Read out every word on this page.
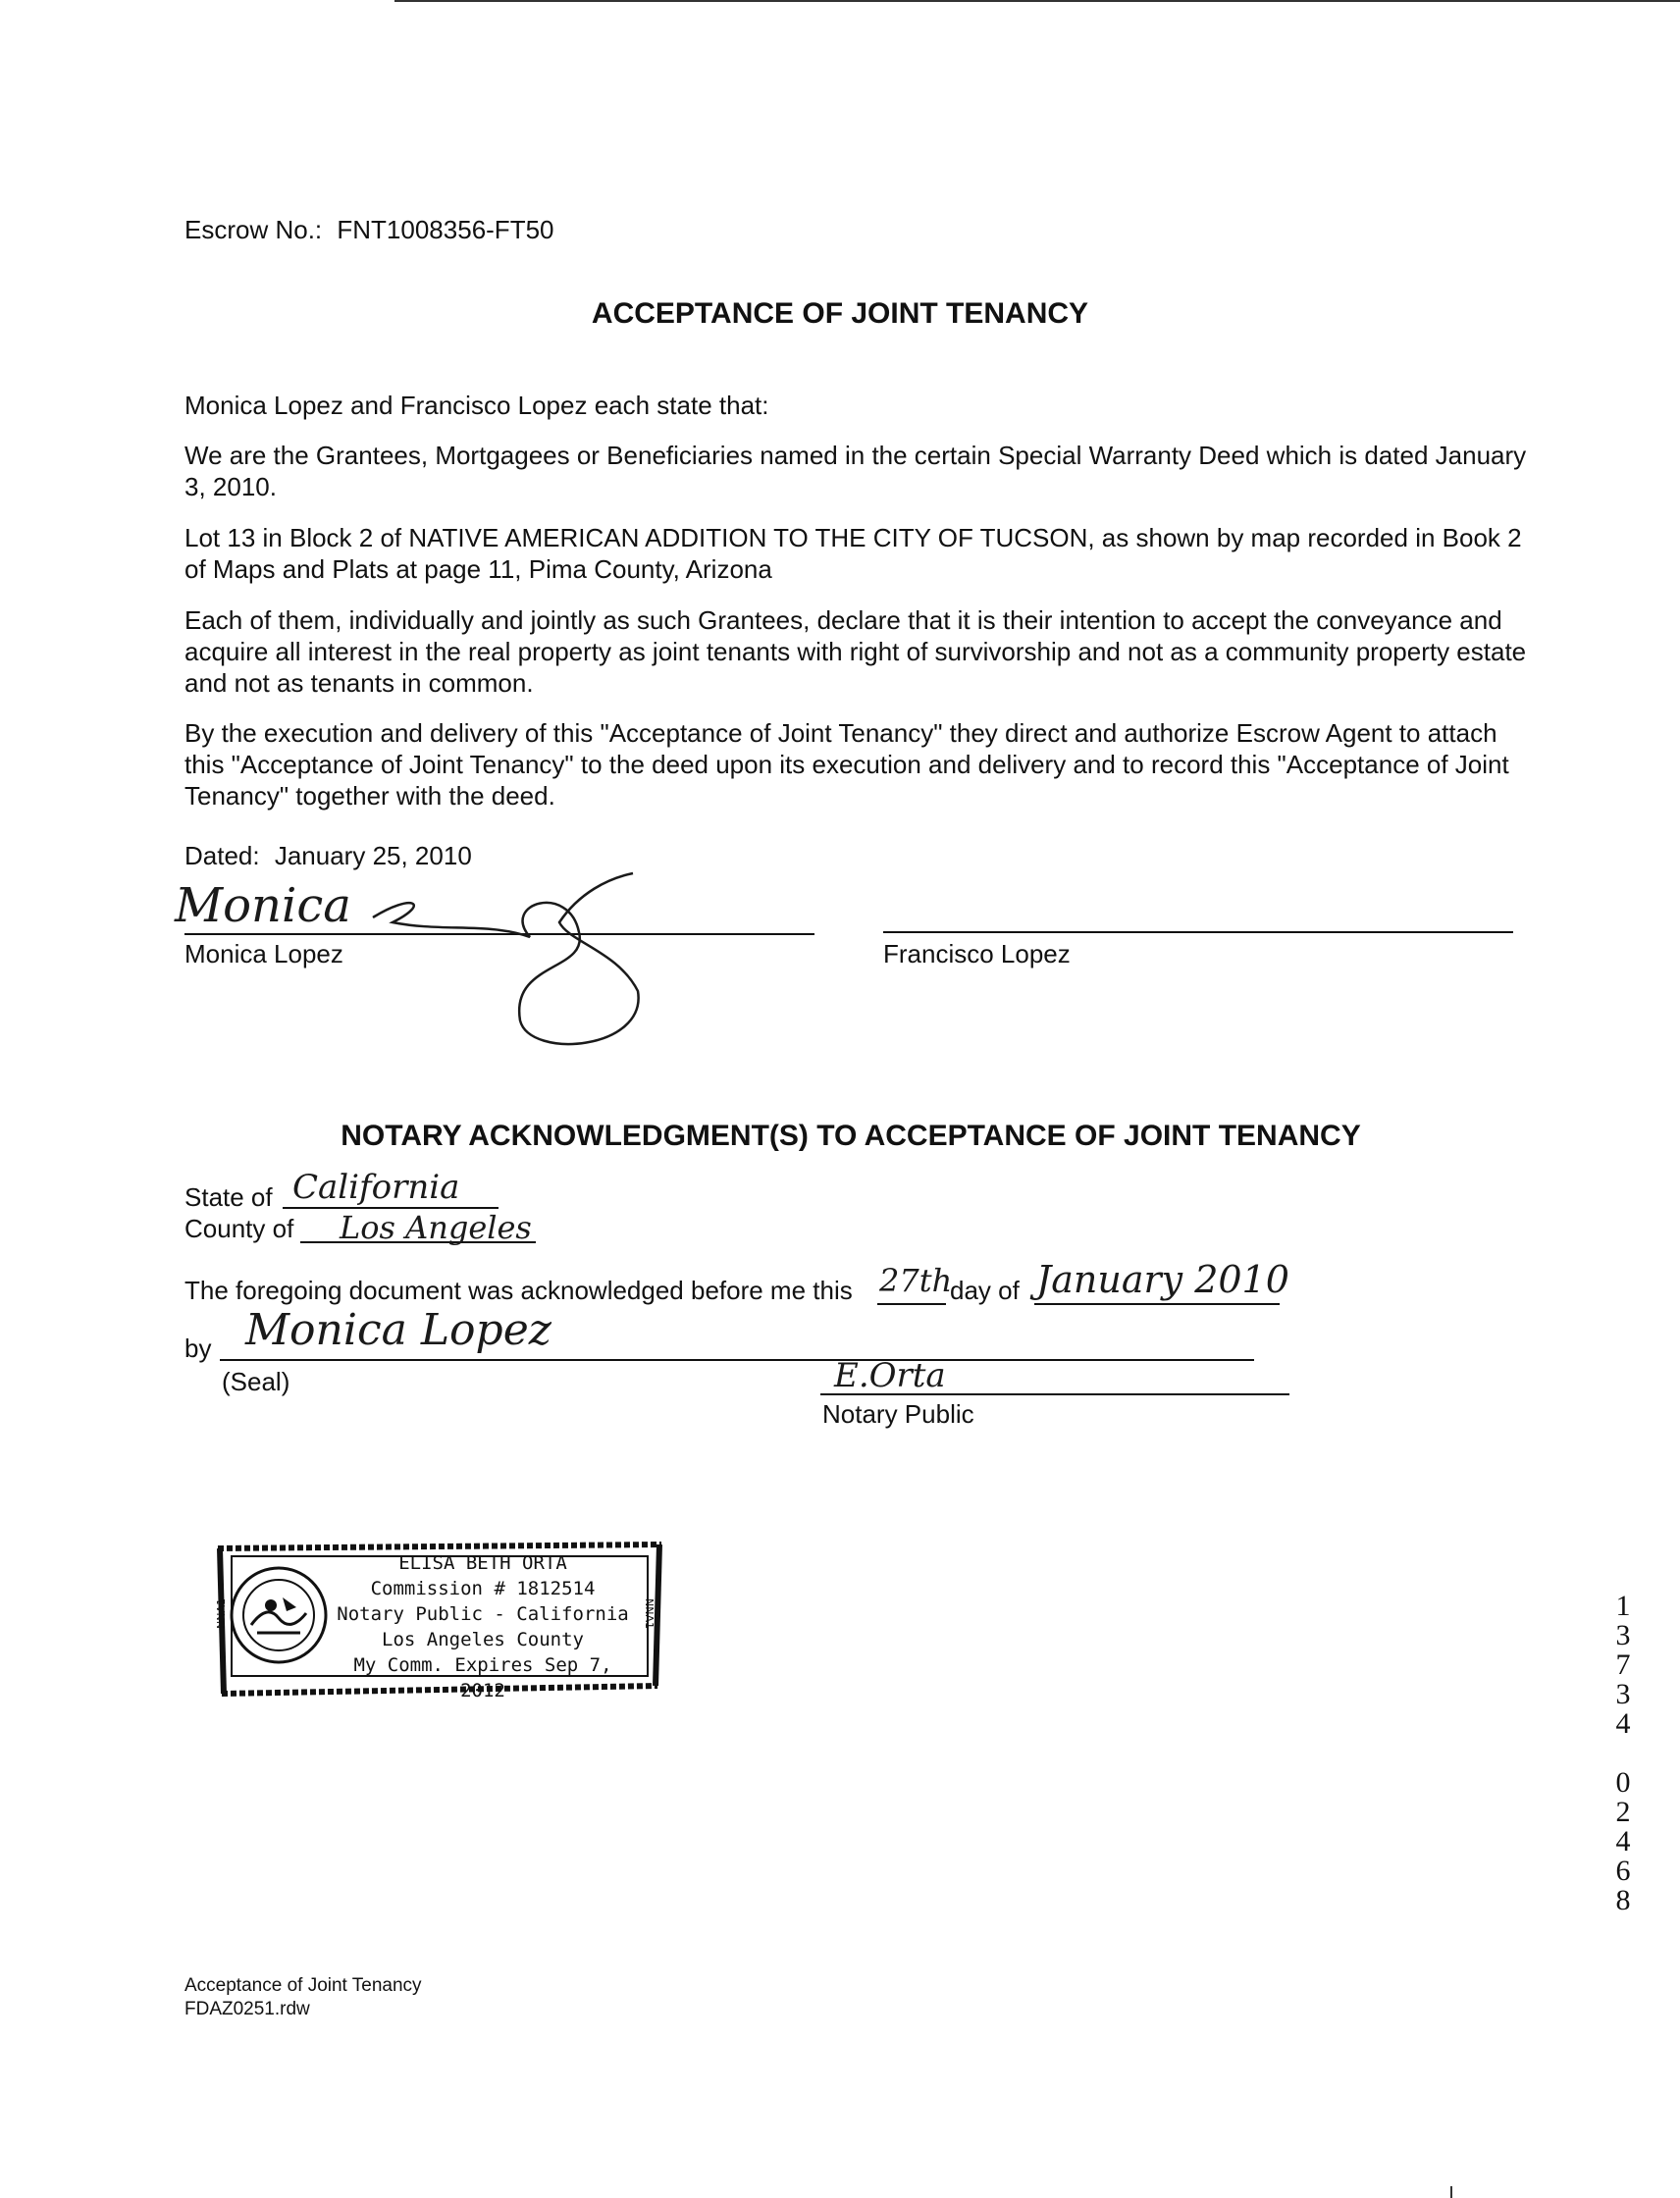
Escrow No.: FNT1008356-FT50
ACCEPTANCE OF JOINT TENANCY

Monica Lopez and Francisco Lopez each state that:

We are the Grantees, Mortgagees or Beneficiaries named in the certain Special Warranty Deed which is dated January 3, 2010.

Lot 13 in Block 2 of NATIVE AMERICAN ADDITION TO THE CITY OF TUCSON, as shown by map recorded in Book 2 of Maps and Plats at page 11, Pima County, Arizona

Each of them, individually and jointly as such Grantees, declare that it is their intention to accept the conveyance and acquire all interest in the real property as joint tenants with right of survivorship and not as a community property estate and not as tenants in common.

By the execution and delivery of this "Acceptance of Joint Tenancy" they direct and authorize Escrow Agent to attach this "Acceptance of Joint Tenancy" to the deed upon its execution and delivery and to record this "Acceptance of Joint Tenancy" together with the deed.

Dated: January 25, 2010
Monica
Monica Lopez	Francisco Lopez
NOTARY ACKNOWLEDGMENT(S) TO ACCEPTANCE OF JOINT TENANCY
State of California
County of Los Angeles
The foregoing document was acknowledged before me this 27th
day of January 2010
by Monica Lopez
(Seal)	E.Orta
Notary Public
ELISA BETH ORTA
Commission # 1812514
Notary Public - California
Los Angeles County
My Comm. Expires Sep 7, 2012
NNA1	NNA1	1
3
7
3
4

0
2
4
6
8
Acceptance of Joint Tenancy
FDAZ0251.rdw
